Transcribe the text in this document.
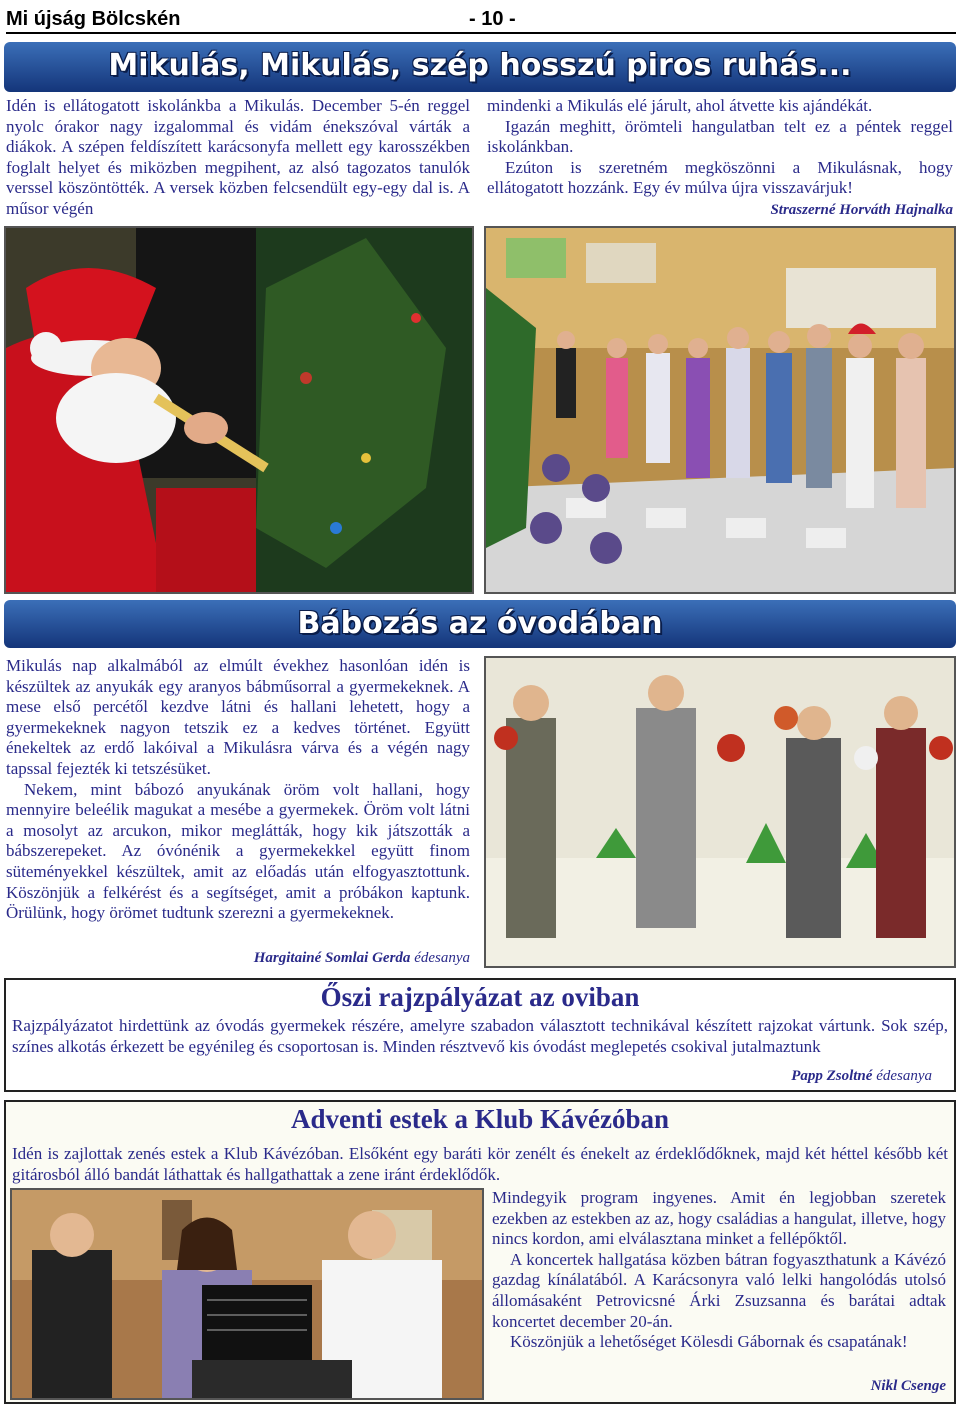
Mi újság Bölcskén	- 10 -
Mikulás, Mikulás, szép hosszú piros ruhás...

Idén is ellátogatott iskolánkba a Mikulás. December 5-én reggel nyolc órakor nagy izgalommal és vidám énekszóval várták a diákok. A szépen feldíszített karácsonyfa mellett egy karosszékben foglalt helyet és miközben megpihent, az alsó tagozatos tanulók verssel köszöntötték. A versek közben felcsendült egy-egy dal is. A műsor végén

mindenki a Mikulás elé járult, ahol átvette kis ajándékát.

Igazán meghitt, örömteli hangulatban telt ez a péntek reggel iskolánkban.

Ezúton is szeretném megköszönni a Mikulásnak, hogy ellátogatott hozzánk. Egy év múlva újra visszavárjuk!

Straszerné Horváth Hajnalka
Bábozás az óvodában

Mikulás nap alkalmából az elmúlt évekhez hasonlóan idén is készültek az anyukák egy aranyos bábműsorral a gyermekeknek. A mese első percétől kezdve látni és hallani lehetett, hogy a gyermekeknek nagyon tetszik ez a kedves történet. Együtt énekeltek az erdő lakóival a Mikulásra várva és a végén nagy tapssal fejezték ki tetszésüket.

Nekem, mint bábozó anyukának öröm volt hallani, hogy mennyire beleélik magukat a mesébe a gyermekek. Öröm volt látni a mosolyt az arcukon, mikor meglátták, hogy kik játszották a bábszerepeket. Az óvónénik a gyermekekkel együtt finom süteményekkel készültek, amit az előadás után elfogyasztottunk. Köszönjük a felkérést és a segítséget, amit a próbákon kaptunk. Örülünk, hogy örömet tudtunk szerezni a gyermekeknek.

Hargitainé Somlai Gerda édesanya
Őszi rajzpályázat az oviban
Rajzpályázatot hirdettünk az óvodás gyermekek részére, amelyre szabadon választott technikával készített rajzokat vártunk. Sok szép, színes alkotás érkezett be egyénileg és csoportosan is. Minden résztvevő kis óvodást meglepetés csokival jutalmaztunk
Papp Zsoltné édesanya
Adventi estek a Klub Kávézóban
Idén is zajlottak zenés estek a Klub Kávézóban. Elsőként egy baráti kör zenélt és énekelt az érdeklődőknek, majd két héttel később két gitárosból álló bandát láthattak és hallgathattak a zene iránt érdeklődők.

Mindegyik program ingyenes. Amit én legjobban szeretek ezekben az estekben az az, hogy családias a hangulat, illetve, hogy nincs kordon, ami elválasztana minket a fellépőktől.

A koncertek hallgatása közben bátran fogyaszthatunk a Kávézó gazdag kínálatából. A Karácsonyra való lelki hangolódás utolsó állomásaként Petrovicsné Árki Zsuzsanna és barátai adtak koncertet december 20-án.

Köszönjük a lehetőséget Kölesdi Gábornak és csapatának!

Nikl Csenge
